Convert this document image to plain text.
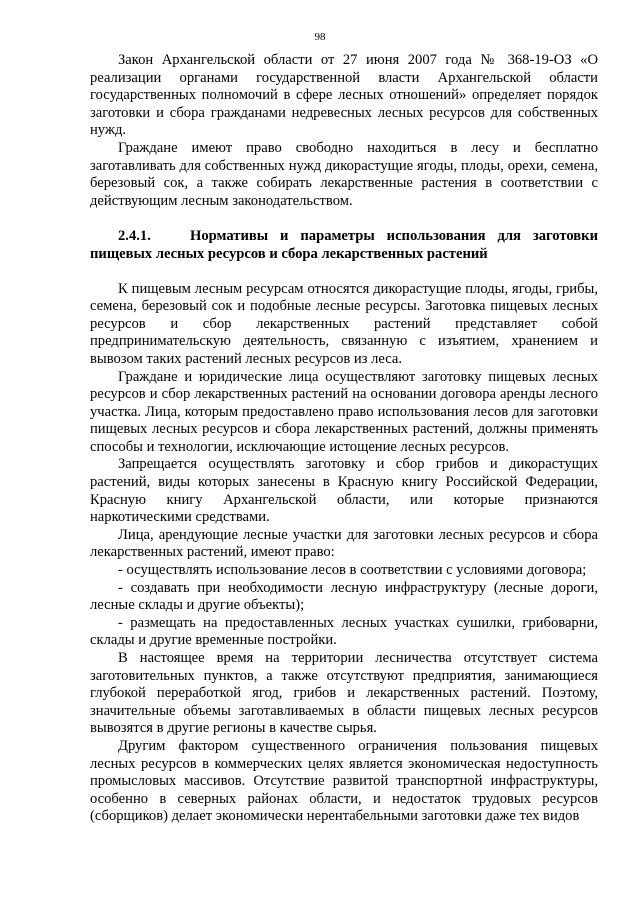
98

Закон Архангельской области от 27 июня 2007 года № 368-19-ОЗ «О реализации органами государственной власти Архангельской области государственных полномочий в сфере лесных отношений» определяет порядок заготовки и сбора гражданами недревесных лесных ресурсов для собственных нужд.

Граждане имеют право свободно находиться в лесу и бесплатно заготавливать для собственных нужд дикорастущие ягоды, плоды, орехи, семена, березовый сок, а также собирать лекарственные растения в соответствии с действующим лесным законодательством.

2.4.1.	Нормативы и параметры использования для заготовки пищевых лесных ресурсов и сбора лекарственных растений

К пищевым лесным ресурсам относятся дикорастущие плоды, ягоды, грибы, семена, березовый сок и подобные лесные ресурсы. Заготовка пищевых лесных ресурсов и сбор лекарственных растений представляет собой предпринимательскую деятельность, связанную с изъятием, хранением и вывозом таких растений лесных ресурсов из леса.

Граждане и юридические лица осуществляют заготовку пищевых лесных ресурсов и сбор лекарственных растений на основании договора аренды лесного участка. Лица, которым предоставлено право использования лесов для заготовки пищевых лесных ресурсов и сбора лекарственных растений, должны применять способы и технологии, исключающие истощение лесных ресурсов.

Запрещается осуществлять заготовку и сбор грибов и дикорастущих растений, виды которых занесены в Красную книгу Российской Федерации, Красную книгу Архангельской области, или которые признаются наркотическими средствами.

Лица, арендующие лесные участки для заготовки лесных ресурсов и сбора лекарственных растений, имеют право:

- осуществлять использование лесов в соответствии с условиями договора;

- создавать при необходимости лесную инфраструктуру (лесные дороги, лесные склады и другие объекты);

- размещать на предоставленных лесных участках сушилки, грибоварни, склады и другие временные постройки.

В настоящее время на территории лесничества отсутствует система заготовительных пунктов, а также отсутствуют предприятия, занимающиеся глубокой переработкой ягод, грибов и лекарственных растений. Поэтому, значительные объемы заготавливаемых в области пищевых лесных ресурсов вывозятся в другие регионы в качестве сырья.

Другим фактором существенного ограничения пользования пищевых лесных ресурсов в коммерческих целях является экономическая недоступность промысловых массивов. Отсутствие развитой транспортной инфраструктуры, особенно в северных районах области, и недостаток трудовых ресурсов (сборщиков) делает экономически нерентабельными заготовки даже тех видов
